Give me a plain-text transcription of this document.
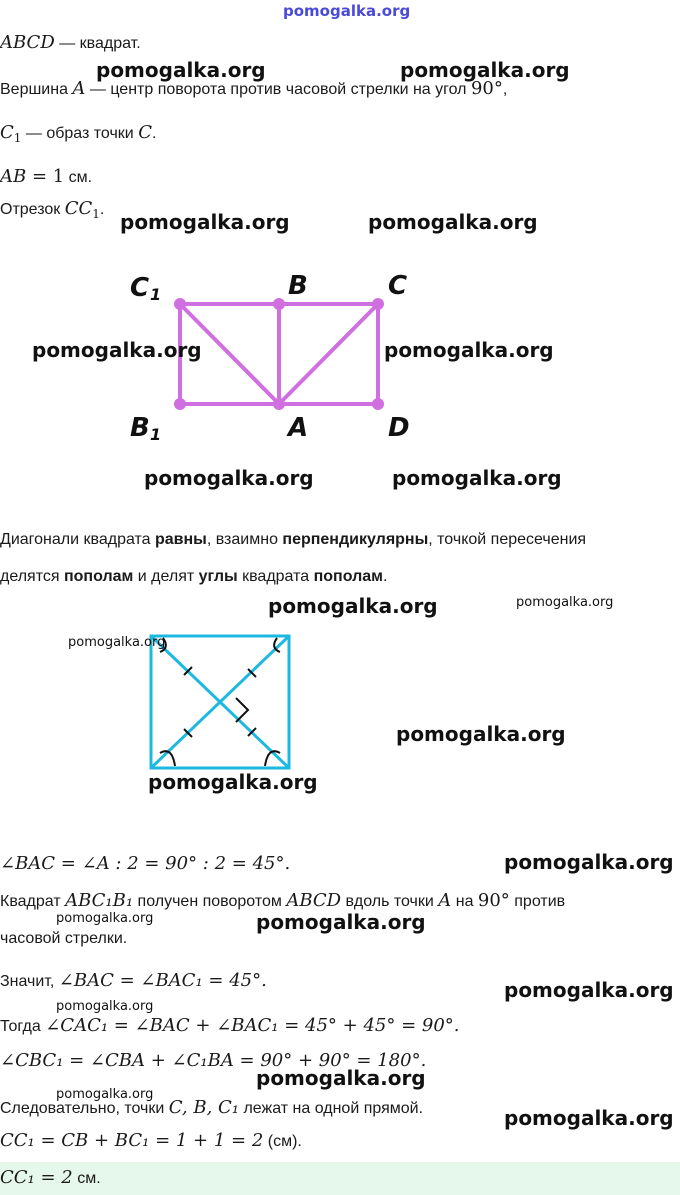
pomogalka.org
ABCD — квадрат.
Вершина A — центр поворота против часовой стрелки на угол 90°,
$C_1$ — образ точки C.
AB = 1 см.
Отрезок $CC_1$.
C 1	B	C
B 1	A	D
Диагонали квадрата равны, взаимно перпендикулярны, точкой пересечения
делятся пополам и делят углы квадрата пополам.
∠BAC = ∠A : 2 = 90° : 2 = 45°.
Квадрат ABC₁B₁ получен поворотом ABCD вдоль точки A на 90° против
часовой стрелки.
Значит, ∠BAC = ∠BAC₁ = 45°.
Тогда ∠CAC₁ = ∠BAC + ∠BAC₁ = 45° + 45° = 90°.
∠CBC₁ = ∠CBA + ∠C₁BA = 90° + 90° = 180°.
Следовательно, точки C, B, C₁ лежат на одной прямой.
CC₁ = CB + BC₁ = 1 + 1 = 2 (см).
CC₁ = 2 см.
pomogalka.org	pomogalka.org
pomogalka.org	pomogalka.org
pomogalka.org	pomogalka.org
pomogalka.org	pomogalka.org
pomogalka.org	pomogalka.org
pomogalka.org
pomogalka.org
pomogalka.org
pomogalka.org
pomogalka.org	pomogalka.org
pomogalka.org
pomogalka.org
pomogalka.org
pomogalka.org
pomogalka.org
